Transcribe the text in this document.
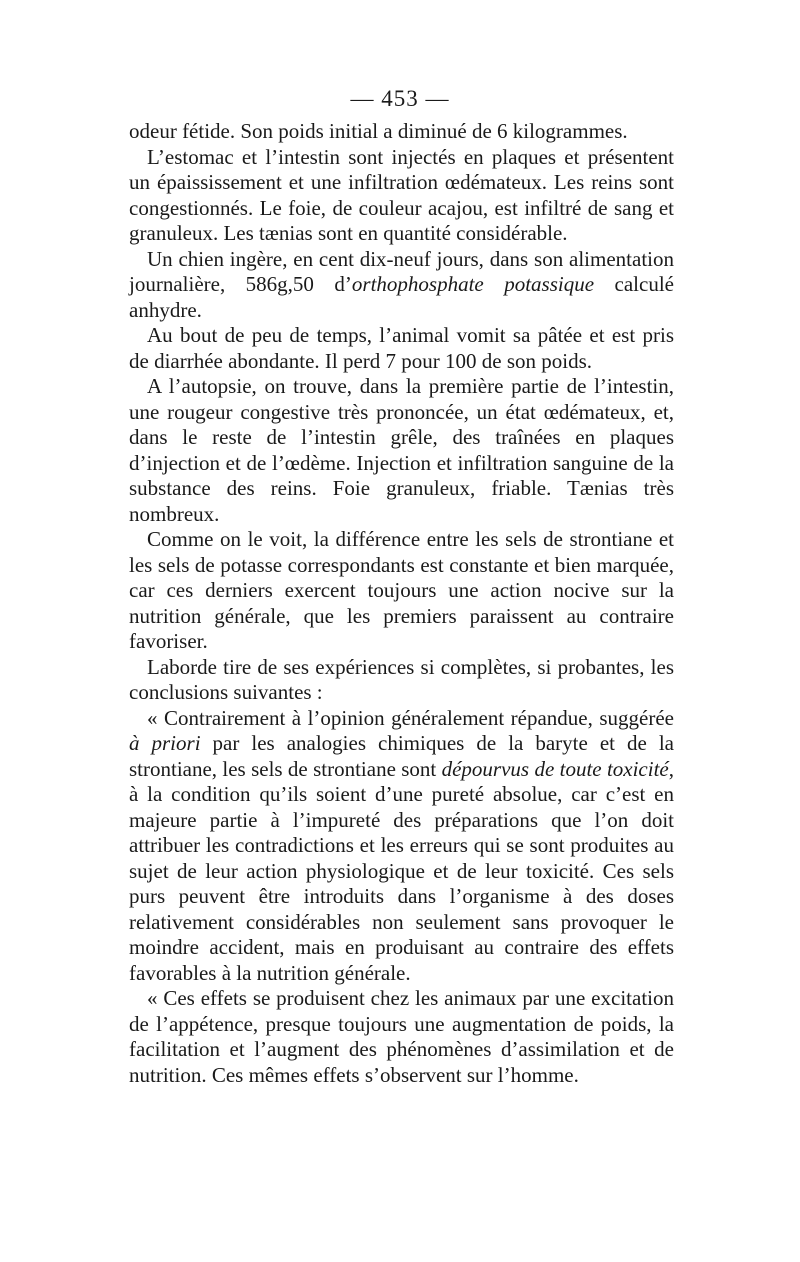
— 453 —

odeur fétide. Son poids initial a diminué de 6 kilogrammes.

L’estomac et l’intestin sont injectés en plaques et présentent un épaississement et une infiltration œdémateux. Les reins sont congestionnés. Le foie, de couleur acajou, est infiltré de sang et granuleux. Les tænias sont en quantité considérable.

Un chien ingère, en cent dix-neuf jours, dans son alimentation journalière, 586g,50 d’orthophosphate potassique calculé anhydre.

Au bout de peu de temps, l’animal vomit sa pâtée et est pris de diarrhée abondante. Il perd 7 pour 100 de son poids.

A l’autopsie, on trouve, dans la première partie de l’intestin, une rougeur congestive très prononcée, un état œdémateux, et, dans le reste de l’intestin grêle, des traînées en plaques d’injection et de l’œdème. Injection et infiltration sanguine de la substance des reins. Foie granuleux, friable. Tænias très nombreux.

Comme on le voit, la différence entre les sels de strontiane et les sels de potasse correspondants est constante et bien marquée, car ces derniers exercent toujours une action nocive sur la nutrition générale, que les premiers paraissent au contraire favoriser.

Laborde tire de ses expériences si complètes, si probantes, les conclusions suivantes :

« Contrairement à l’opinion généralement répandue, suggérée à priori par les analogies chimiques de la baryte et de la strontiane, les sels de strontiane sont dépourvus de toute toxicité, à la condition qu’ils soient d’une pureté absolue, car c’est en majeure partie à l’impureté des préparations que l’on doit attribuer les contradictions et les erreurs qui se sont produites au sujet de leur action physiologique et de leur toxicité. Ces sels purs peuvent être introduits dans l’organisme à des doses relativement considérables non seulement sans provoquer le moindre accident, mais en produisant au contraire des effets favorables à la nutrition générale.

« Ces effets se produisent chez les animaux par une excitation de l’appétence, presque toujours une augmentation de poids, la facilitation et l’augment des phénomènes d’assimilation et de nutrition. Ces mêmes effets s’observent sur l’homme.
